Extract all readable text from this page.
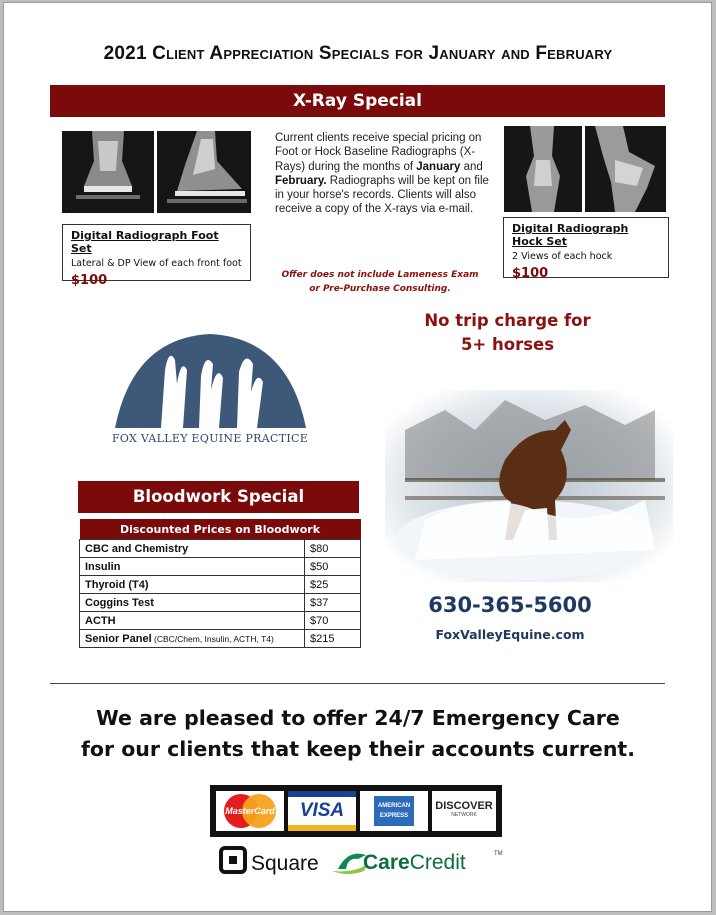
2021 Client Appreciation Specials for January and February
X-Ray Special
.
Digital Radiograph Foot Set
Lateral & DP View of each front foot
$100
Current clients receive special pricing on Foot or Hock Baseline Radiographs (X-Rays) during the months of January and February. Radiographs will be kept on file in your horse's records. Clients will also receive a copy of the X-rays via e-mail.
Digital Radiograph Hock Set
2 Views of each hock
$100
Offer does not include Lameness Exam
or Pre-Purchase Consulting.
No trip charge for
5+ horses
FOX VALLEY EQUINE PRACTICE
Bloodwork Special
Discounted Prices on Bloodwork	
CBC and Chemistry	$80
Insulin	$50
Thyroid (T4)	$25
Coggins Test	$37
ACTH	$70
Senior Panel (CBC/Chem, Insulin, ACTH, T4)	$215
630-365-5600
FoxValleyEquine.com
We are pleased to offer 24/7 Emergency Care
for our clients that keep their accounts current.
MasterCard	VISA	AMERICAN
EXPRESS
DISCOVER
NETWORK
Square CareCredit	TM
